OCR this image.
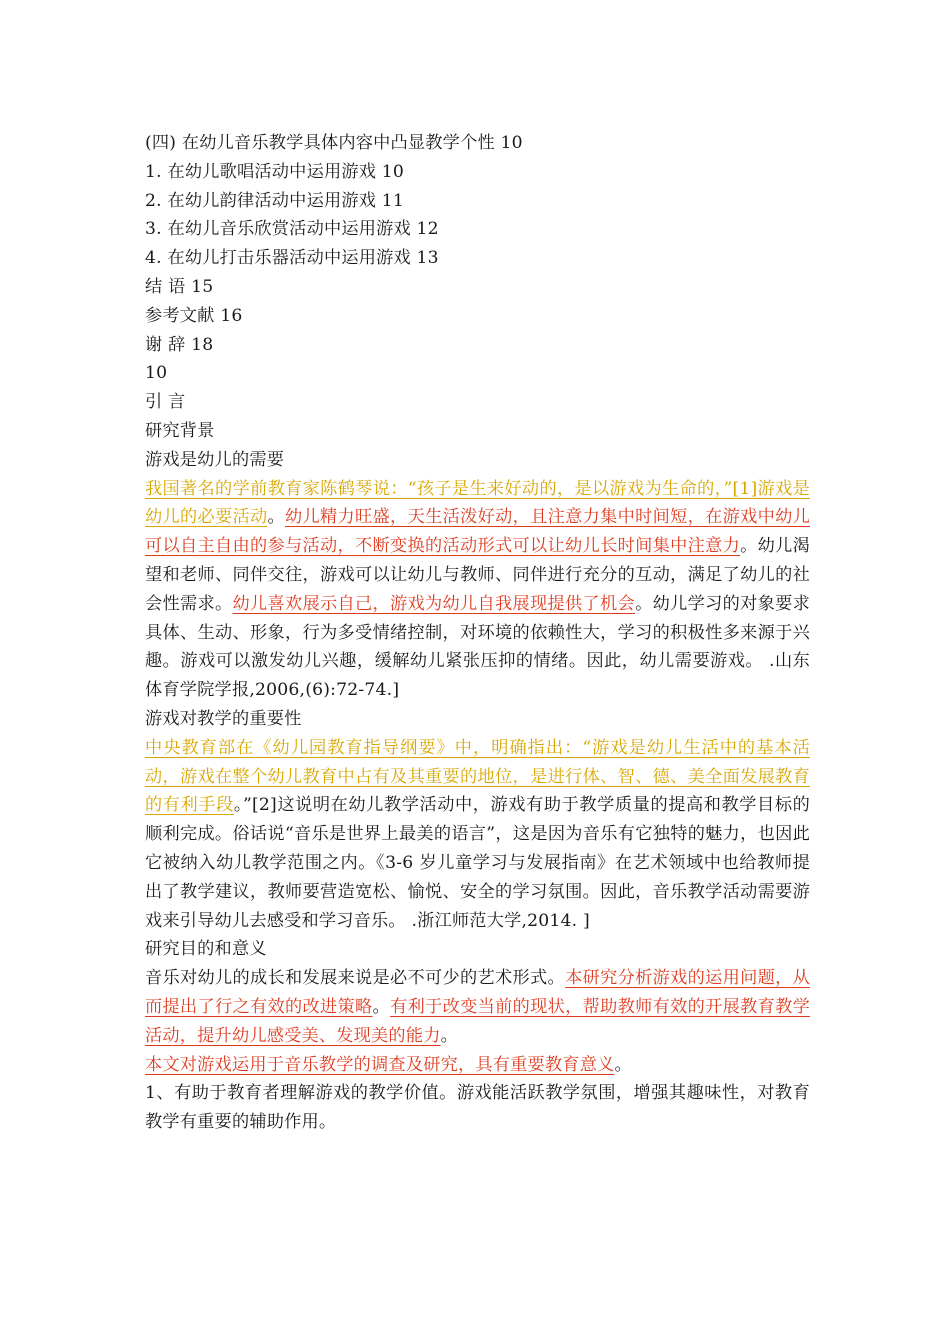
(四) 在幼儿音乐教学具体内容中凸显教学个性 10
1. 在幼儿歌唱活动中运用游戏 10
2. 在幼儿韵律活动中运用游戏 11
3. 在幼儿音乐欣赏活动中运用游戏 12
4. 在幼儿打击乐器活动中运用游戏 13
结 语 15
参考文献 16
谢 辞 18
10
引 言
研究背景
游戏是幼儿的需要
我国著名的学前教育家陈鹤琴说：“孩子是生来好动的，是以游戏为生命的，”[1]游戏是幼儿的必要活动。幼儿精力旺盛，天生活泼好动，且注意力集中时间短，在游戏中幼儿可以自主自由的参与活动，不断变换的活动形式可以让幼儿长时间集中注意力。幼儿渴望和老师、同伴交往，游戏可以让幼儿与教师、同伴进行充分的互动，满足了幼儿的社会性需求。幼儿喜欢展示自己，游戏为幼儿自我展现提供了机会。幼儿学习的对象要求具体、生动、形象，行为多受情绪控制，对环境的依赖性大，学习的积极性多来源于兴趣。游戏可以激发幼儿兴趣，缓解幼儿紧张压抑的情绪。因此，幼儿需要游戏。 .山东体育学院学报,2006,(6):72-74.]
游戏对教学的重要性
中央教育部在《幼儿园教育指导纲要》中，明确指出：“游戏是幼儿生活中的基本活动，游戏在整个幼儿教育中占有及其重要的地位，是进行体、智、德、美全面发展教育的有利手段。”[2]这说明在幼儿教学活动中，游戏有助于教学质量的提高和教学目标的顺利完成。俗话说“音乐是世界上最美的语言”，这是因为音乐有它独特的魅力，也因此它被纳入幼儿教学范围之内。《3-6 岁儿童学习与发展指南》在艺术领域中也给教师提出了教学建议，教师要营造宽松、愉悦、安全的学习氛围。因此，音乐教学活动需要游戏来引导幼儿去感受和学习音乐。 .浙江师范大学,2014. ]
研究目的和意义
音乐对幼儿的成长和发展来说是必不可少的艺术形式。本研究分析游戏的运用问题，从而提出了行之有效的改进策略。有利于改变当前的现状，帮助教师有效的开展教育教学活动，提升幼儿感受美、发现美的能力。
本文对游戏运用于音乐教学的调查及研究，具有重要教育意义。
1、有助于教育者理解游戏的教学价值。游戏能活跃教学氛围，增强其趣味性，对教育教学有重要的辅助作用。
